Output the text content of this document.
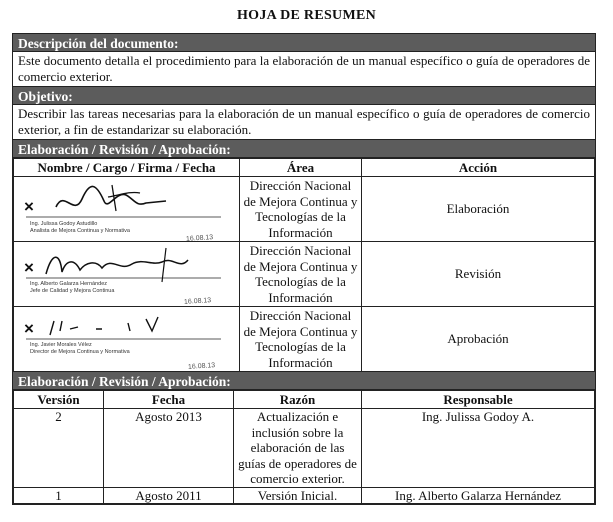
HOJA DE RESUMEN
Descripción del documento:
Este documento detalla el procedimiento para la elaboración de un manual específico o guía de operadores de comercio exterior.
Objetivo:
Describir las tareas necesarias para la elaboración de un manual específico o guía de operadores de comercio exterior, a fin de estandarizar su elaboración.
Elaboración / Revisión / Aprobación:
Nombre / Cargo / Firma / Fecha	Área	Acción

×
Ing. Julissa Godoy Astudillo
Analista de Mejora Continua y Normativa
16.08.13	Dirección Nacional de Mejora Continua y Tecnologías de la Información	Elaboración

×
Ing. Alberto Galarza Hernández
Jefe de Calidad y Mejora Continua
16.08.13	Dirección Nacional de Mejora Continua y Tecnologías de la Información	Revisión

×
Ing. Javier Morales Vélez
Director de Mejora Continua y Normativa
16.08.13	Dirección Nacional de Mejora Continua y Tecnologías de la Información	Aprobación
Elaboración / Revisión / Aprobación:
Versión	Fecha	Razón	Responsable
2	Agosto 2013	Actualización e inclusión sobre la elaboración de las guías de operadores de comercio exterior.	Ing. Julissa Godoy A.
1	Agosto 2011	Versión Inicial.	Ing. Alberto Galarza Hernández
